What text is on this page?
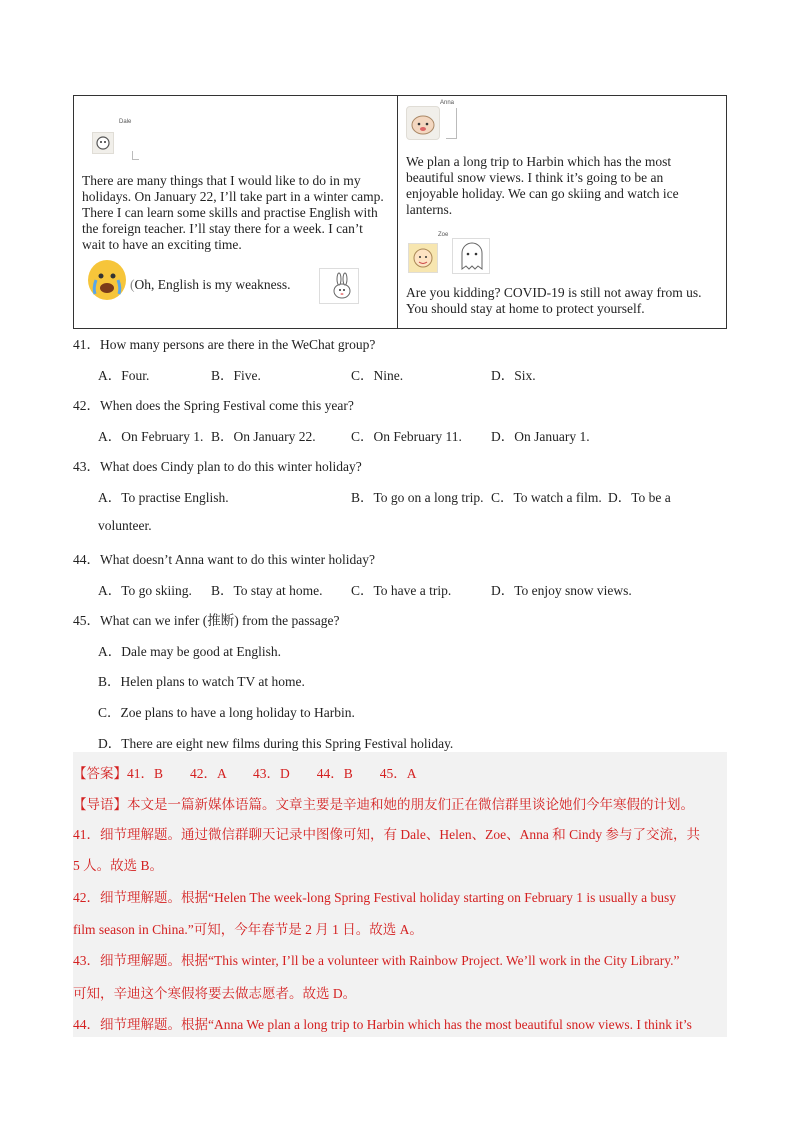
Dale
There are many things that I would like to do in my holidays. On January 22, I’ll take part in a winter camp. There I can learn some skills and practise English with the foreign teacher. I’ll stay there for a week. I can’t wait to have an exciting time.
(Oh, English is my weakness.
Anna
We plan a long trip to Harbin which has the most beautiful snow views. I think it’s going to be an enjoyable holiday. We can go skiing and watch ice lanterns.
Zoe
Are you kidding? COVID-19 is still not away from us. You should stay at home to protect yourself.
41．How many persons are there in the WeChat group?
A．Four.	B．Five.	C．Nine.	D．Six.
42．When does the Spring Festival come this year?
A．On February 1. B．On January 22.	C．On February 11. D．On January 1.
43．What does Cindy plan to do this winter holiday?
A．To practise English.	B．To go on a long trip. C．To watch a film. D．To be a
44．What doesn’t Anna want to do this winter holiday?
A．To go skiing. B．To stay at home. C．To have a trip.	D．To enjoy snow views.
45．What can we infer (推断) from the passage?
A．Dale may be good at English.
B．Helen plans to watch TV at home.
C．Zoe plans to have a long holiday to Harbin.
D．There are eight new films during this Spring Festival holiday.
【答案】41．B　　42．A　　43．D　　44．B　　45．A
【导语】本文是一篇新媒体语篇。文章主要是辛迪和她的朋友们正在微信群里谈论她们今年寒假的计划。
41．细节理解题。通过微信群聊天记录中图像可知，有 Dale、Helen、Zoe、Anna 和 Cindy 参与了交流，共
5 人。故选 B。
42．细节理解题。根据“Helen The week-long Spring Festival holiday starting on February 1 is usually a busy
film season in China.”可知，今年春节是 2 月 1 日。故选 A。
43．细节理解题。根据“This winter, I’ll be a volunteer with Rainbow Project. We’ll work in the City Library.”
可知，辛迪这个寒假将要去做志愿者。故选 D。
44．细节理解题。根据“Anna We plan a long trip to Harbin which has the most beautiful snow views. I think it’s
volunteer.
